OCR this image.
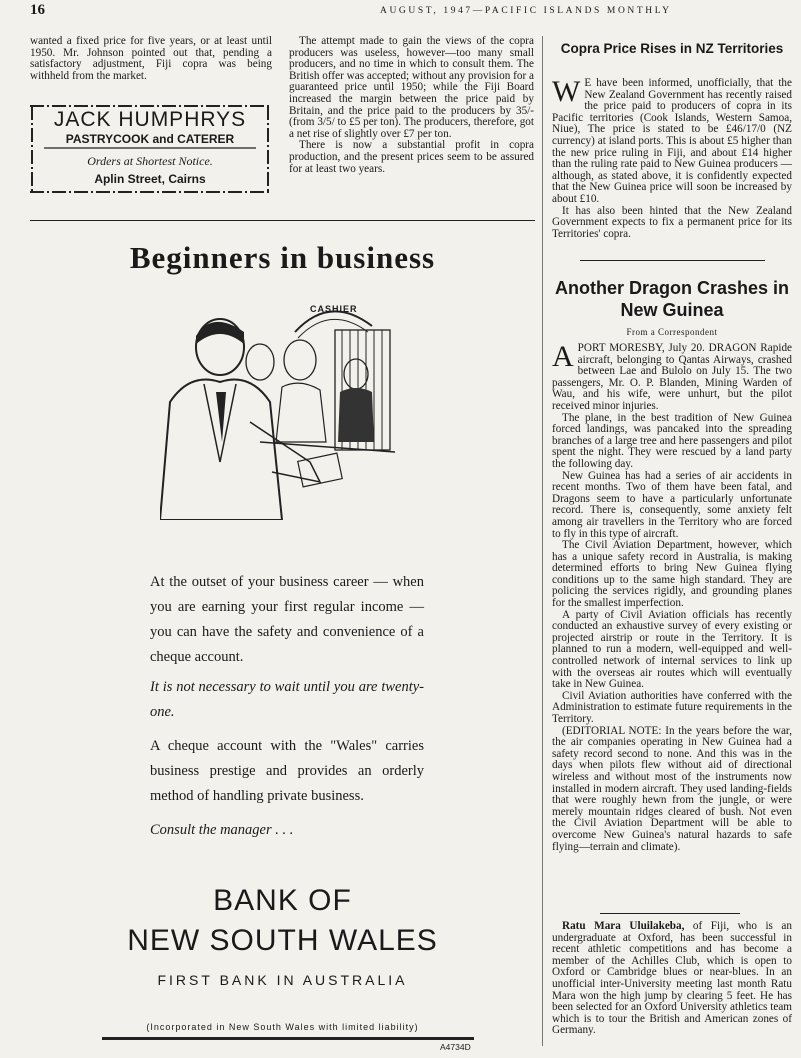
16	AUGUST, 1947—PACIFIC ISLANDS MONTHLY

wanted a fixed price for five years, or at least until 1950. Mr. Johnson pointed out that, pending a satisfactory adjustment, Fiji copra was being withheld from the market.

JACK HUMPHRYS
PASTRYCOOK and CATERER
Orders at Shortest Notice.
Aplin Street, Cairns

The attempt made to gain the views of the copra producers was useless, however—too many small producers, and no time in which to consult them. The British offer was accepted; without any provision for a guaranteed price until 1950; while the Fiji Board increased the margin between the price paid by Britain, and the price paid to the producers by 35/- (from 3/5/ to £5 per ton). The producers, therefore, got a net rise of slightly over £7 per ton.

There is now a substantial profit in copra production, and the present prices seem to be assured for at least two years.

Beginners in business
CASHIER
At the outset of your business career — when you are earning your first regular income — you can have the safety and convenience of a cheque account.
It is not necessary to wait until you are twenty-one.
A cheque account with the "Wales" carries business prestige and provides an orderly method of handling private business.
Consult the manager . . .
BANK OF
NEW SOUTH WALES
FIRST BANK IN AUSTRALIA
(Incorporated in New South Wales with limited liability)
A4734D
Copra Price Rises in NZ Territories

W E have been informed, unofficially, that the New Zealand Government has recently raised the price paid to producers of copra in its Pacific territories (Cook Islands, Western Samoa, Niue), The price is stated to be £46/17/0 (NZ currency) at island ports. This is about £5 higher than the new price ruling in Fiji, and about £14 higher than the ruling rate paid to New Guinea producers —although, as stated above, it is confidently expected that the New Guinea price will soon be increased by about £10.

It has also been hinted that the New Zealand Government expects to fix a permanent price for its Territories' copra.

Another Dragon Crashes in New Guinea
From a Correspondent

APORT MORESBY, July 20. DRAGON Rapide aircraft, belonging to Qantas Airways, crashed between Lae and Bulolo on July 15. The two passengers, Mr. O. P. Blanden, Mining Warden of Wau, and his wife, were unhurt, but the pilot received minor injuries.

The plane, in the best tradition of New Guinea forced landings, was pancaked into the spreading branches of a large tree and here passengers and pilot spent the night. They were rescued by a land party the following day.

New Guinea has had a series of air accidents in recent months. Two of them have been fatal, and Dragons seem to have a particularly unfortunate record. There is, consequently, some anxiety felt among air travellers in the Territory who are forced to fly in this type of aircraft.

The Civil Aviation Department, however, which has a unique safety record in Australia, is making determined efforts to bring New Guinea flying conditions up to the same high standard. They are policing the services rigidly, and grounding planes for the smallest imperfection.

A party of Civil Aviation officials has recently conducted an exhaustive survey of every existing or projected airstrip or route in the Territory. It is planned to run a modern, well-equipped and well-controlled network of internal services to link up with the overseas air routes which will eventually take in New Guinea.

Civil Aviation authorities have conferred with the Administration to estimate future requirements in the Territory.

(EDITORIAL NOTE: In the years before the war, the air companies operating in New Guinea had a safety record second to none. And this was in the days when pilots flew without aid of directional wireless and without most of the instruments now installed in modern aircraft. They used landing-fields that were roughly hewn from the jungle, or were merely mountain ridges cleared of bush. Not even the Civil Aviation Department will be able to overcome New Guinea's natural hazards to safe flying—terrain and climate).

Ratu Mara Uluilakeba, of Fiji, who is an undergraduate at Oxford, has been successful in recent athletic competitions and has become a member of the Achilles Club, which is open to Oxford or Cambridge blues or near-blues. In an unofficial inter-University meeting last month Ratu Mara won the high jump by clearing 5 feet. He has been selected for an Oxford University athletics team which is to tour the British and American zones of Germany.
